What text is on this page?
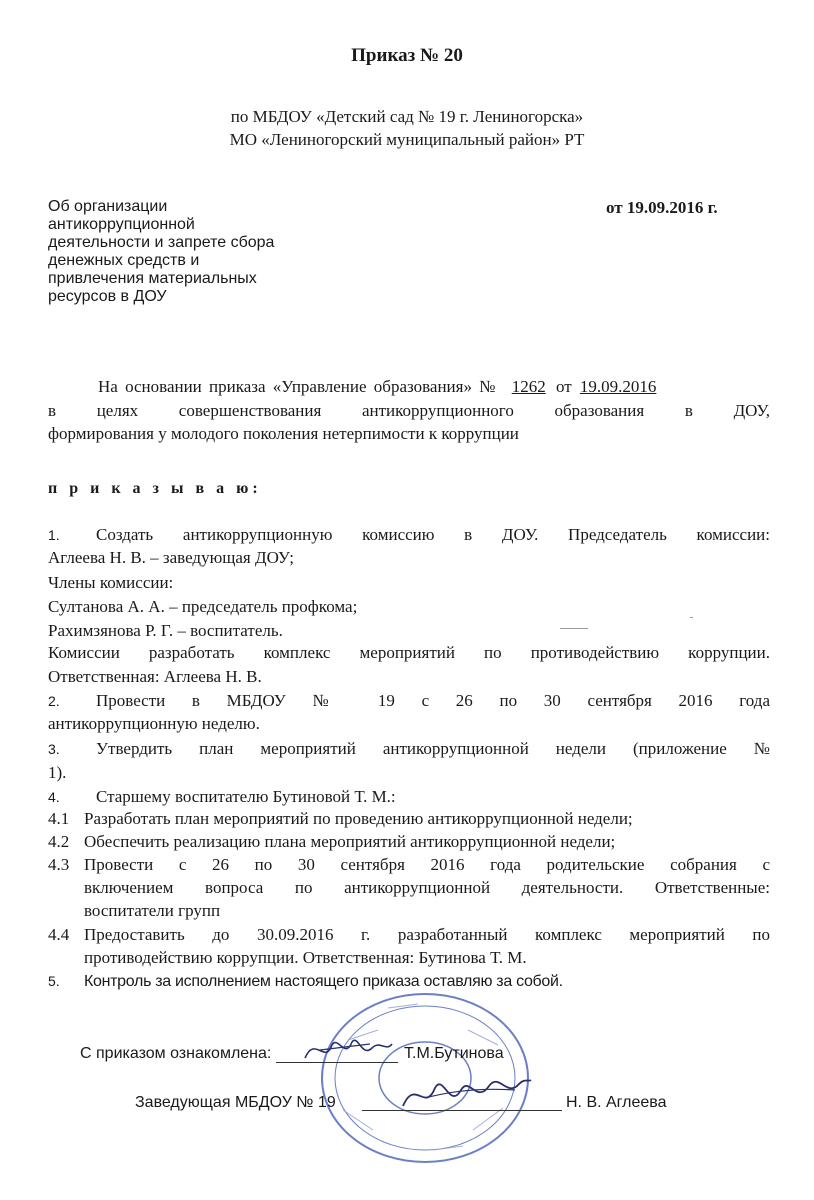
Приказ № 20
по МБДОУ «Детский сад № 19 г. Лениногорска»
МО «Лениногорский муниципальный район» РТ
Об организации
антикоррупционной
деятельности и запрете сбора
денежных средств и
привлечения материальных
ресурсов в ДОУ
от 19.09.2016 г.
На основании приказа «Управление образования» № 1262 от 19.09.2016
в целях совершенствования антикоррупционного образования в ДОУ,
формирования у молодого поколения нетерпимости к коррупции
п р и к а з ы в а ю:
1. Создать антикоррупционную комиссию в ДОУ. Председатель комиссии:
Аглеева Н. В. – заведующая ДОУ;
Члены комиссии:
Султанова А. А. – председатель профкома;
Рахимзянова Р. Г. – воспитатель.
Комиссии разработать комплекс мероприятий по противодействию коррупции.
Ответственная: Аглеева Н. В.
2. Провести в МБДОУ № 19 с 26 по 30 сентября 2016 года
антикоррупционную неделю.
3. Утвердить план мероприятий антикоррупционной недели (приложение №
1).
4. Старшему воспитателю Бутиновой Т. М.:
4.1 Разработать план мероприятий по проведению антикоррупционной недели;
4.2 Обеспечить реализацию плана мероприятий антикоррупционной недели;
4.3 Провести с 26 по 30 сентября 2016 года родительские собрания с
включением вопроса по антикоррупционной деятельности. Ответственные:
воспитатели групп
4.4 Предоставить до 30.09.2016 г. разработанный комплекс мероприятий по
противодействию коррупции. Ответственная: Бутинова Т. М.
5. Контроль за исполнением настоящего приказа оставляю за собой.
С приказом ознакомлена:	Т.М.Бутинова
Заведующая МБДОУ № 19	Н. В. Аглеева
